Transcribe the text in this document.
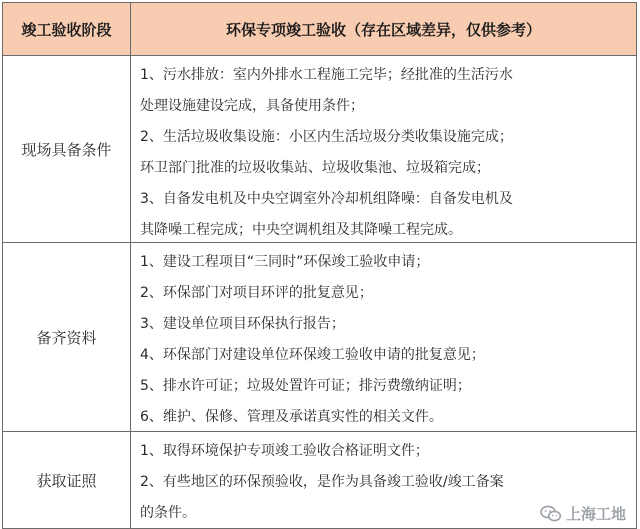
竣工验收阶段	环保专项竣工验收（存在区域差异，仅供参考）
现场具备条件
1、污水排放：室内外排水工程施工完毕；经批准的生活污水
处理设施建设完成，具备使用条件；
2、生活垃圾收集设施：小区内生活垃圾分类收集设施完成；
环卫部门批准的垃圾收集站、垃圾收集池、垃圾箱完成；
3、自备发电机及中央空调室外冷却机组降噪：自备发电机及
其降噪工程完成；中央空调机组及其降噪工程完成。
备齐资料
1、建设工程项目“三同时”环保竣工验收申请；
2、环保部门对项目环评的批复意见；
3、建设单位项目环保执行报告；
4、环保部门对建设单位环保竣工验收申请的批复意见；
5、排水许可证；垃圾处置许可证；排污费缴纳证明；
6、维护、保修、管理及承诺真实性的相关文件。
获取证照
1、取得环境保护专项竣工验收合格证明文件；
2、有些地区的环保预验收，是作为具备竣工验收/竣工备案
的条件。	上海工地
